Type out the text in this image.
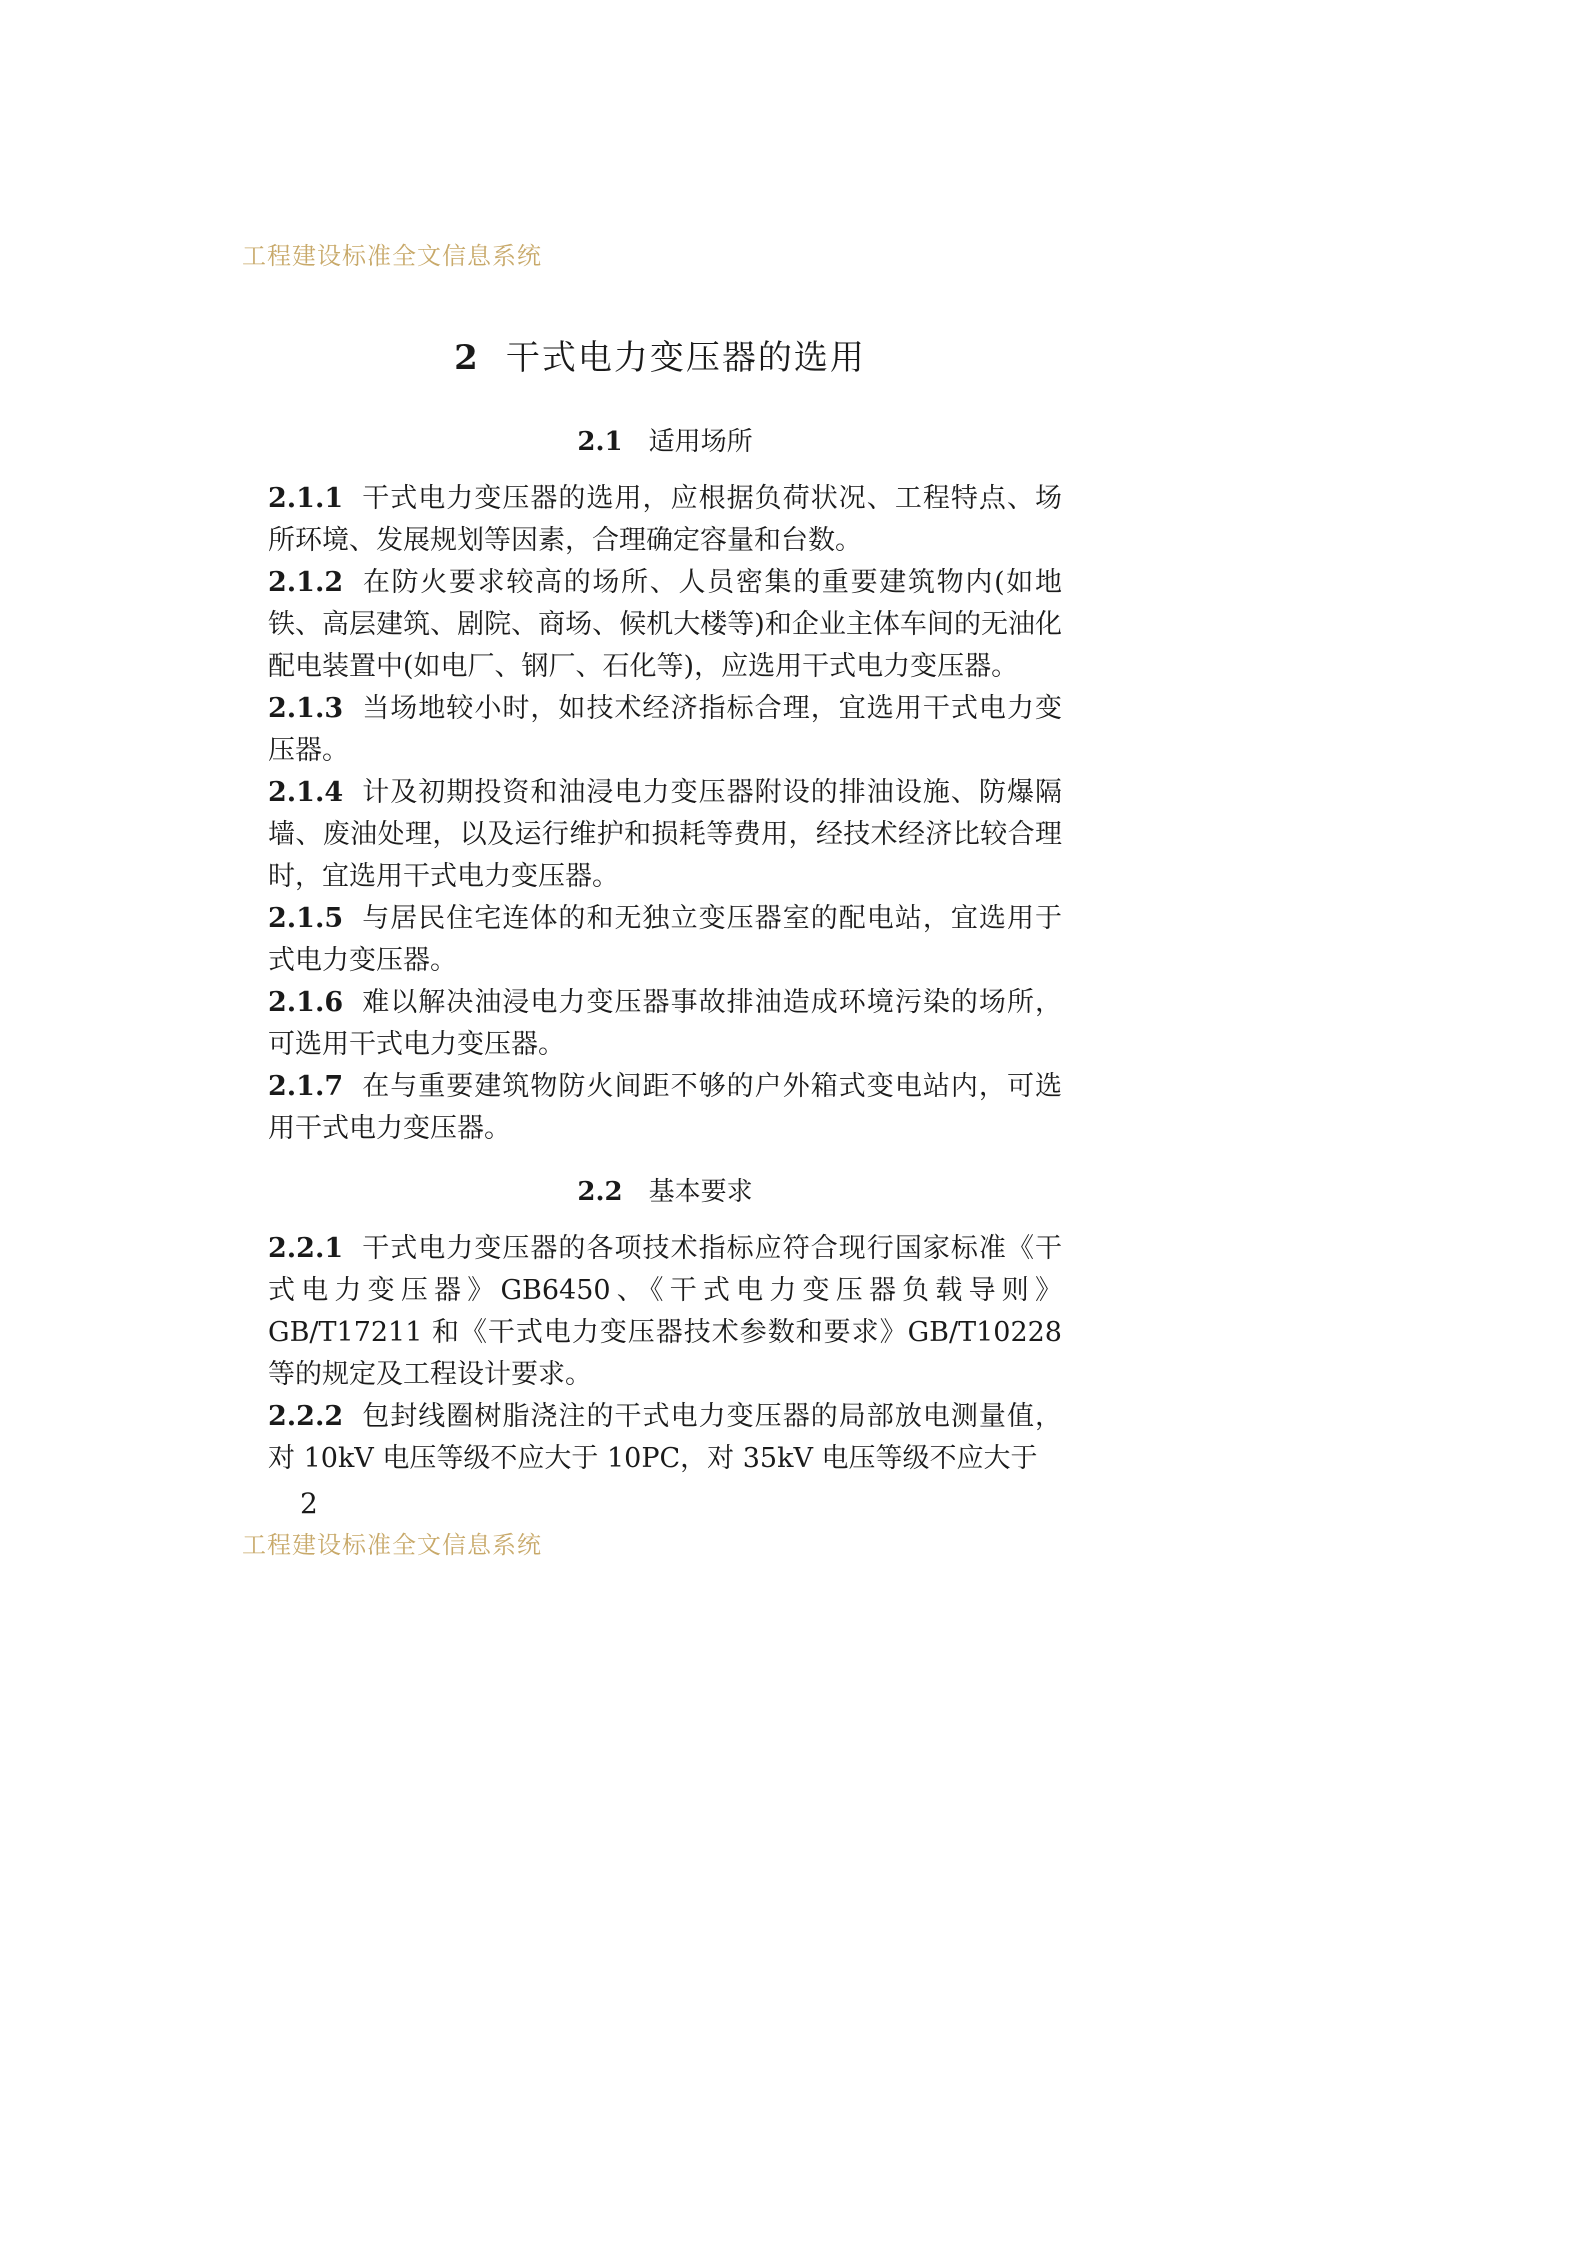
工程建设标准全文信息系统
2 干式电力变压器的选用
2.1 适用场所

2.1.1 干式电力变压器的选用，应根据负荷状况、工程特点、场所环境、发展规划等因素，合理确定容量和台数。

2.1.2 在防火要求较高的场所、人员密集的重要建筑物内(如地铁、高层建筑、剧院、商场、候机大楼等)和企业主体车间的无油化配电装置中(如电厂、钢厂、石化等)，应选用干式电力变压器。

2.1.3 当场地较小时，如技术经济指标合理，宜选用干式电力变压器。

2.1.4 计及初期投资和油浸电力变压器附设的排油设施、防爆隔墙、废油处理，以及运行维护和损耗等费用，经技术经济比较合理时，宜选用干式电力变压器。

2.1.5 与居民住宅连体的和无独立变压器室的配电站，宜选用于式电力变压器。

2.1.6 难以解决油浸电力变压器事故排油造成环境污染的场所，可选用干式电力变压器。

2.1.7 在与重要建筑物防火间距不够的户外箱式变电站内，可选用干式电力变压器。

2.2 基本要求

2.2.1 干式电力变压器的各项技术指标应符合现行国家标准《干式电力变压器》GB6450、《干式电力变压器负载导则》GB/T17211 和《干式电力变压器技术参数和要求》GB/T10228 等的规定及工程设计要求。

2.2.2 包封线圈树脂浇注的干式电力变压器的局部放电测量值，对 10kV 电压等级不应大于 10PC，对 35kV 电压等级不应大于

2
工程建设标准全文信息系统
